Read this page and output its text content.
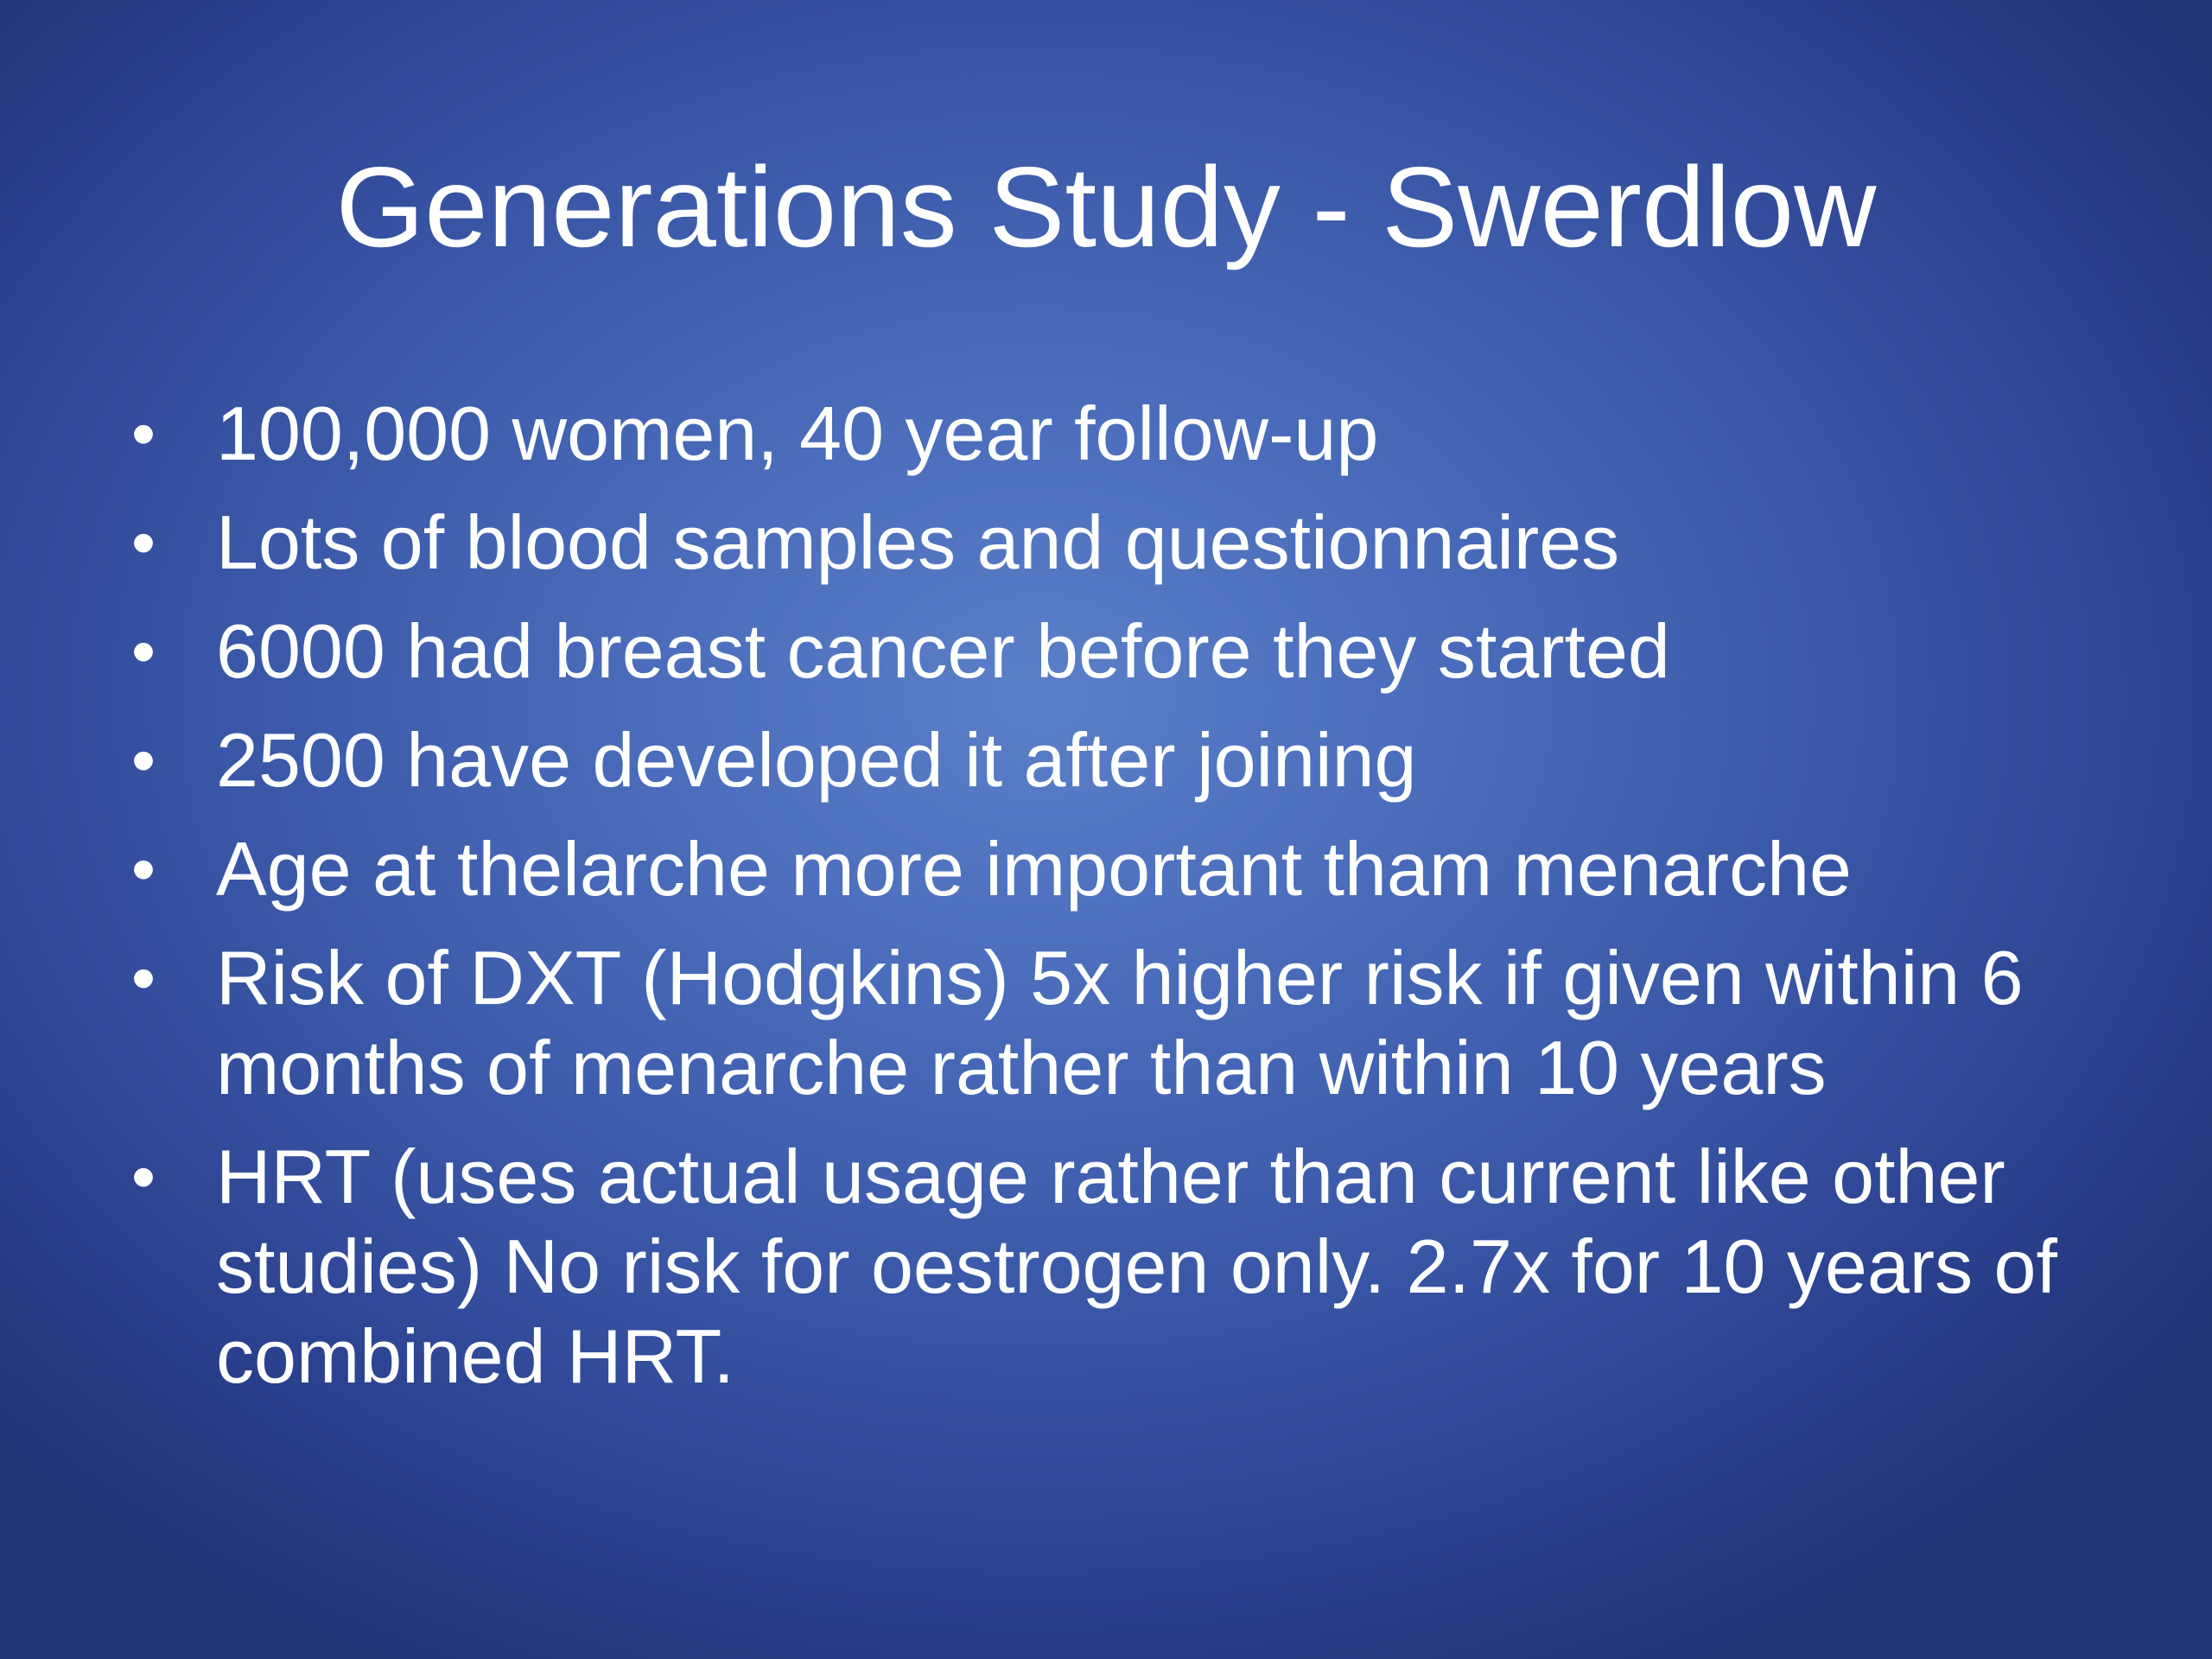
Generations Study - Swerdlow
• 100,000 women, 40 year follow-up
• Lots of blood samples and questionnaires
• 6000 had breast cancer before they started
• 2500 have developed it after joining
• Age at thelarche more important tham menarche
• Risk of DXT (Hodgkins) 5x higher risk if given within 6 months of menarche rather than within 10 years
• HRT (uses actual usage rather than current like other studies) No risk for oestrogen only. 2.7x for 10 years of combined HRT.
